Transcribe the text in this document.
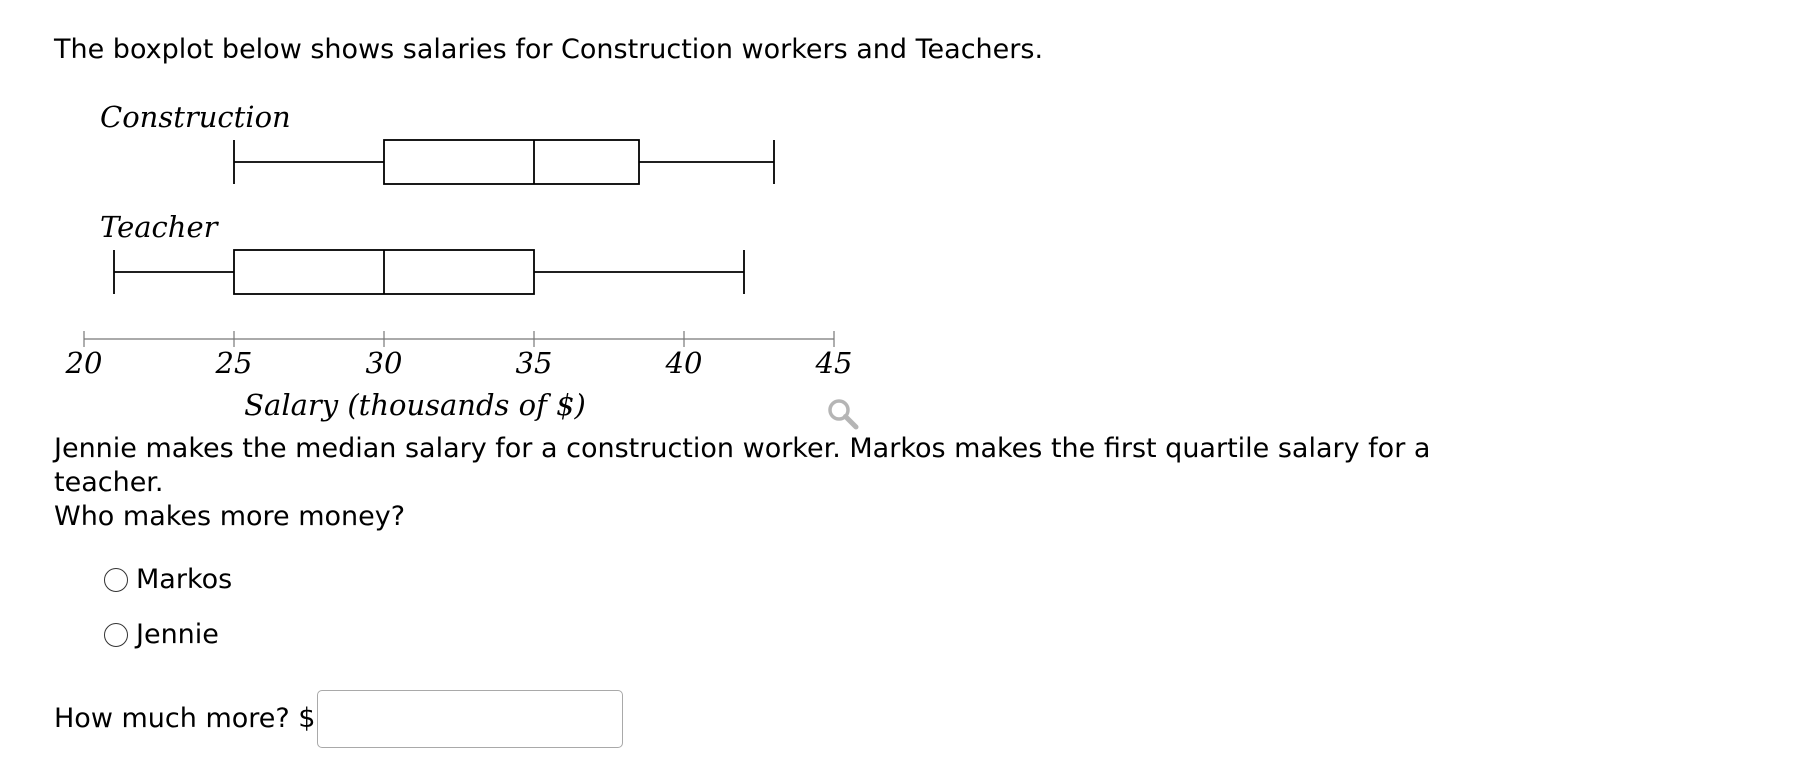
The boxplot below shows salaries for Construction workers and Teachers.
Construction
Teacher
20	25	30	35	40	45
Salary (thousands of $)

Jennie makes the median salary for a construction worker. Markos makes the first quartile salary for a teacher.

Who makes more money?

Markos
Jennie
How much more? $
